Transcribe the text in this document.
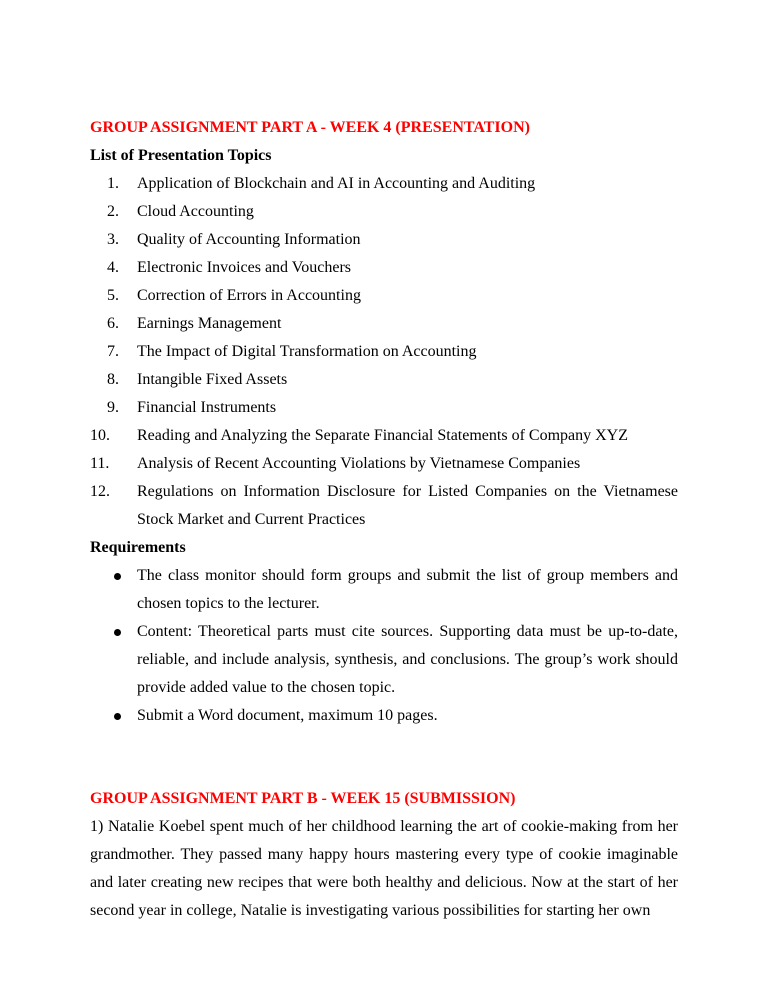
GROUP ASSIGNMENT PART A - WEEK 4 (PRESENTATION)
List of Presentation Topics
1. Application of Blockchain and AI in Accounting and Auditing
2. Cloud Accounting
3. Quality of Accounting Information
4. Electronic Invoices and Vouchers
5. Correction of Errors in Accounting
6. Earnings Management
7. The Impact of Digital Transformation on Accounting
8. Intangible Fixed Assets
9. Financial Instruments
10. Reading and Analyzing the Separate Financial Statements of Company XYZ
11. Analysis of Recent Accounting Violations by Vietnamese Companies
12. Regulations on Information Disclosure for Listed Companies on the Vietnamese Stock Market and Current Practices
Requirements
The class monitor should form groups and submit the list of group members and chosen topics to the lecturer.
Content: Theoretical parts must cite sources. Supporting data must be up-to-date, reliable, and include analysis, synthesis, and conclusions. The group’s work should provide added value to the chosen topic.
Submit a Word document, maximum 10 pages.
GROUP ASSIGNMENT PART B - WEEK 15 (SUBMISSION)

1) Natalie Koebel spent much of her childhood learning the art of cookie-making from her grandmother. They passed many happy hours mastering every type of cookie imaginable and later creating new recipes that were both healthy and delicious. Now at the start of her second year in college, Natalie is investigating various possibilities for starting her own
